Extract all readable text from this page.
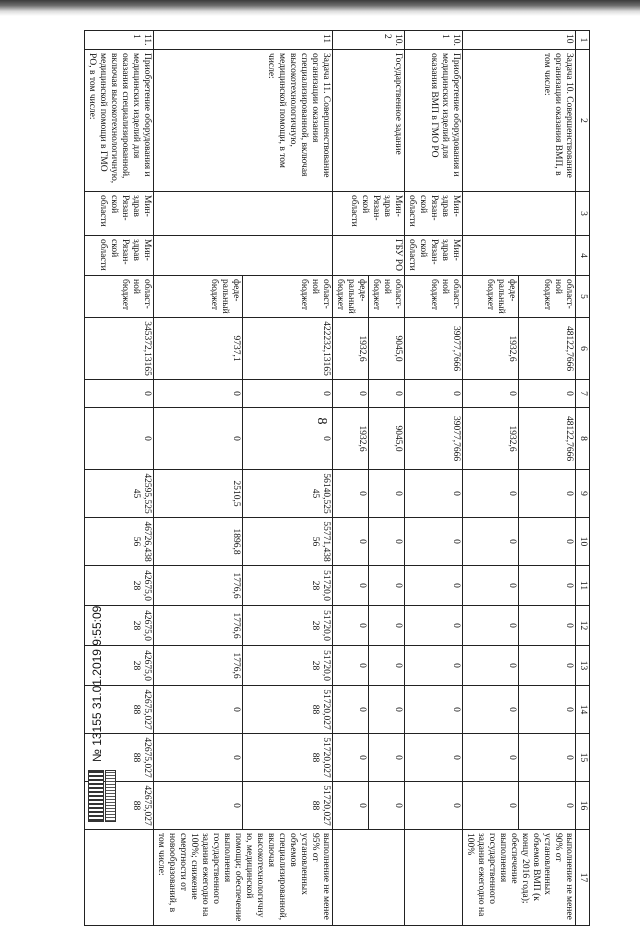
8
1	2	3	4	5	6	7	8	9	10	11	12	13	14	15	16	17
10	Задача 10. Совершенствование организации оказания ВМП, в том числе:			област-ной бюджет	48122,7666	0	48122,7666	0	0	0	0	0	0	0	0	выполнение не менее 90% от установленных объемов ВМП (к концу 2016 года); обеспечение выполнения государственного задания ежегодно на 100%
				феде-ральный бюджет	1932,6	0	1932,6	0	0	0	0	0	0	0	0	
10.1	Приобретение оборудования и медицинских изделий для оказания ВМП в ГМО РО	Мин-здрав Рязан-ской области	Мин-здрав Рязан-ской области	област-ной бюджет	39077,7666	0	39077,7666	0	0	0	0	0	0	0	0	
10.2	Государственное задание	Мин-здрав Рязан-ской области	ГБУ РО	област-ной бюджет	9045,0	0	9045,0	0	0	0	0	0	0	0	0	
				феде-ральный бюджет	1932,6	0	1932,6	0	0	0	0	0	0	0	0	
11	Задача 11. Совершенствование организации оказания специализированной, включая высокотехнологичную, медицинской помощи, в том числе:			област-ной бюджет	422232,13165	0	0	56140,52545	55771,43856	51720,028	51720,028	51720,028	51720,02788	51720,02788	51720,02788	выполнение не менее 95% от установленных объемов специализированной, включая высокотехнологичную, медицинской помощи; обеспечение выполнения государственного задания ежегодно на 100%; снижение смертности от новообразований, в том числе:
				феде-ральный бюджет	9737,1	0	0	2510,5	1896,8	1776,6	1776,6	1776,6	0	0	0	
11.1	Приобретение оборудования и медицинских изделий для оказания специализированной, включая высокотехнологичную, медицинской помощи в ГМО РО, в том числе:	Мин-здрав Рязан-ской области	Мин-здрав Рязан-ской области	област-ной бюджет	345372,13165	0	0	42595,52545	46726,43856	42675,028	42675,028	42675,028	42675,02788	42675,02788	42675,02788	
№ 13155 31.01.2019 9:55:09
